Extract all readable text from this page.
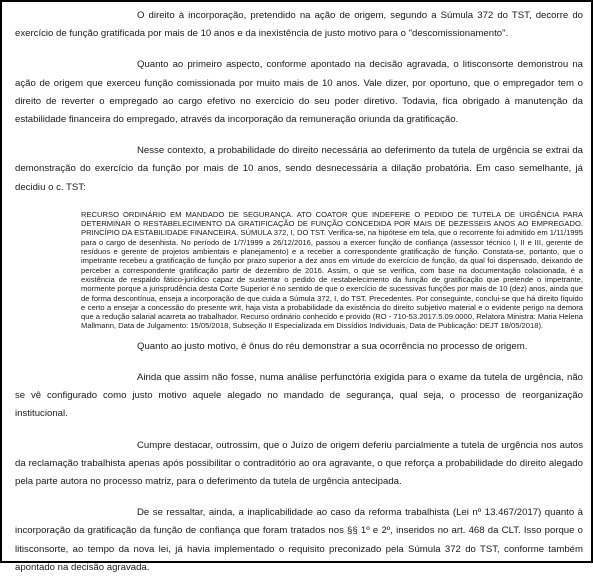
O direito à incorporação, pretendido na ação de origem, segundo a Súmula 372 do TST, decorre do exercício de função gratificada por mais de 10 anos e da inexistência de justo motivo para o "descomissionamento".

Quanto ao primeiro aspecto, conforme apontado na decisão agravada, o litisconsorte demonstrou na ação de origem que exerceu função comissionada por muito mais de 10 anos. Vale dizer, por oportuno, que o empregador tem o direito de reverter o empregado ao cargo efetivo no exercício do seu poder diretivo. Todavia, fica obrigado à manutenção da estabilidade financeira do empregado, através da incorporação da remuneração oriunda da gratificação.

Nesse contexto, a probabilidade do direito necessária ao deferimento da tutela de urgência se extrai da demonstração do exercício da função por mais de 10 anos, sendo desnecessária a dilação probatória. Em caso semelhante, já decidiu o c. TST:

RECURSO ORDINÁRIO EM MANDADO DE SEGURANÇA. ATO COATOR QUE INDEFERE O PEDIDO DE TUTELA DE URGÊNCIA PARA DETERMINAR O RESTABELECIMENTO DA GRATIFICAÇÃO DE FUNÇÃO CONCEDIDA POR MAIS DE DEZESSEIS ANOS AO EMPREGADO. PRINCÍPIO DA ESTABILIDADE FINANCEIRA. SÚMULA 372, I, DO TST. Verifica-se, na hipótese em tela, que o recorrente foi admitido em 1/11/1995 para o cargo de desenhista. No período de 1/7/1999 a 26/12/2016, passou a exercer função de confiança (assessor técnico I, II e III, gerente de resíduos e gerente de projetos ambientais e planejamento) e a receber a correspondente gratificação de função. Constata-se, portanto, que o impetrante recebeu a gratificação de função por prazo superior a dez anos em virtude do exercício de função, da qual foi dispensado, deixando de perceber a correspondente gratificação partir de dezembro de 2016. Assim, o que se verifica, com base na documentação colacionada, é a existência de respaldo fático-jurídico capaz de sustentar o pedido de restabelecimento da função de gratificação que pretende o impetrante, mormente porque a jurisprudência desta Corte Superior é no sentido de que o exercício de sucessivas funções por mais de 10 (dez) anos, ainda que de forma descontínua, enseja a incorporação de que cuida a Súmula 372, I, do TST. Precedentes. Por conseguinte, conclui-se que há direito líquido e certo a ensejar a concessão do presente writ, haja vista a probabilidade da existência do direito subjetivo material e o evidente perigo na demora que a redução salarial acarreta ao trabalhador. Recurso ordinário conhecido e provido (RO - 710-53.2017.5.09.0000, Relatora Ministra: Maria Helena Mallmann, Data de Julgamento: 15/05/2018, Subseção II Especializada em Dissídios Individuais, Data de Publicação: DEJT 18/05/2018).

Quanto ao justo motivo, é ônus do réu demonstrar a sua ocorrência no processo de origem.

Ainda que assim não fosse, numa análise perfunctória exigida para o exame da tutela de urgência, não se vê configurado como justo motivo aquele alegado no mandado de segurança, qual seja, o processo de reorganização institucional.

Cumpre destacar, outrossim, que o Juízo de origem deferiu parcialmente a tutela de urgência nos autos da reclamação trabalhista apenas após possibilitar o contraditório ao ora agravante, o que reforça a probabilidade do direito alegado pela parte autora no processo matriz, para o deferimento da tutela de urgência antecipada.

De se ressaltar, ainda, a inaplicabilidade ao caso da reforma trabalhista (Lei nº 13.467/2017) quanto à incorporação da gratificação da função de confiança que foram tratados nos §§ 1º e 2º, inseridos no art. 468 da CLT. Isso porque o litisconsorte, ao tempo da nova lei, já havia implementado o requisito preconizado pela Súmula 372 do TST, conforme também apontado na decisão agravada.
